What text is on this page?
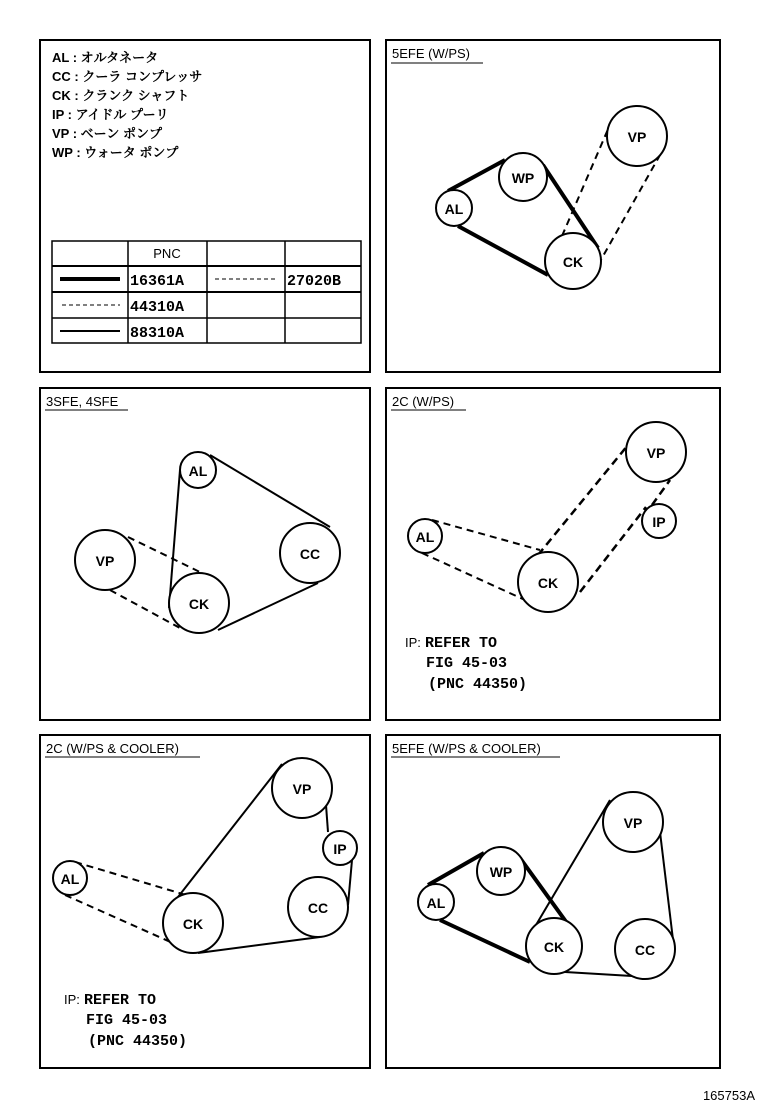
AL : オルタネータ
CC : クーラ コンプレッサ
CK : クランク シャフト
IP : アイドル プーリ
VP : ベーン ポンプ
WP : ウォータ ポンプ
PNC
16361A	27020B
44310A
88310A
5EFE (W/PS)
AL
WP
CK
VP
3SFE, 4SFE
AL
VP
CK
CC
2C (W/PS)
AL
CK
VP
IP
IP: REFER TO
FIG 45-03
(PNC 44350)
2C (W/PS & COOLER)
AL
CK
VP
IP
CC
IP: REFER TO
FIG 45-03
(PNC 44350)
5EFE (W/PS & COOLER)
AL
WP
CK
VP
CC
165753A
